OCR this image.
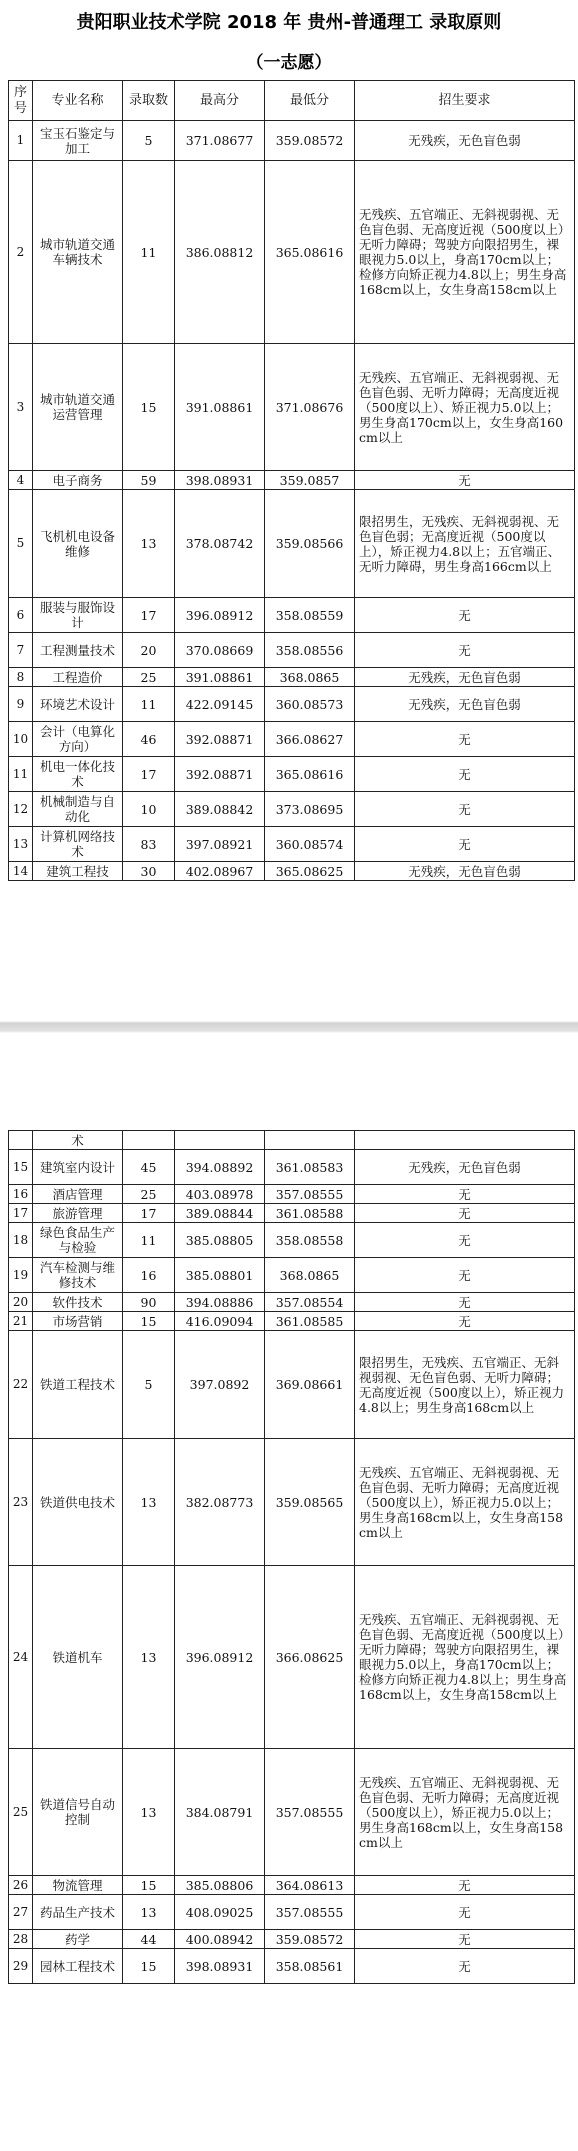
贵阳职业技术学院 2018 年 贵州-普通理工 录取原则
（一志愿）
序号	专业名称	录取数	最高分	最低分	招生要求
1	宝玉石鉴定与加工	5	371.08677	359.08572	无残疾，无色盲色弱
2	城市轨道交通车辆技术	11	386.08812	365.08616	无残疾、五官端正、无斜视弱视、无色盲色弱、无高度近视（500度以上）无听力障碍；驾驶方向限招男生，裸眼视力5.0以上，身高170cm以上；检修方向矫正视力4.8以上；男生身高168cm以上，女生身高158cm以上
3	城市轨道交通运营管理	15	391.08861	371.08676	无残疾、五官端正、无斜视弱视、无色盲色弱、无听力障碍；无高度近视（500度以上）、矫正视力5.0以上；男生身高170cm以上，女生身高160cm以上
4	电子商务	59	398.08931	359.0857	无
5	飞机机电设备维修	13	378.08742	359.08566	限招男生，无残疾、无斜视弱视、无色盲色弱；无高度近视（500度以上），矫正视力4.8以上；五官端正、无听力障碍，男生身高166cm以上
6	服装与服饰设计	17	396.08912	358.08559	无
7	工程测量技术	20	370.08669	358.08556	无
8	工程造价	25	391.08861	368.0865	无残疾，无色盲色弱
9	环境艺术设计	11	422.09145	360.08573	无残疾，无色盲色弱
10	会计（电算化方向）	46	392.08871	366.08627	无
11	机电一体化技术	17	392.08871	365.08616	无
12	机械制造与自动化	10	389.08842	373.08695	无
13	计算机网络技术	83	397.08921	360.08574	无
14	建筑工程技	30	402.08967	365.08625	无残疾，无色盲色弱
	术				
15	建筑室内设计	45	394.08892	361.08583	无残疾，无色盲色弱
16	酒店管理	25	403.08978	357.08555	无
17	旅游管理	17	389.08844	361.08588	无
18	绿色食品生产与检验	11	385.08805	358.08558	无
19	汽车检测与维修技术	16	385.08801	368.0865	无
20	软件技术	90	394.08886	357.08554	无
21	市场营销	15	416.09094	361.08585	无
22	铁道工程技术	5	397.0892	369.08661	限招男生，无残疾、五官端正、无斜视弱视、无色盲色弱、无听力障碍；无高度近视（500度以上），矫正视力4.8以上；男生身高168cm以上
23	铁道供电技术	13	382.08773	359.08565	无残疾、五官端正、无斜视弱视、无色盲色弱、无听力障碍；无高度近视（500度以上），矫正视力5.0以上；男生身高168cm以上，女生身高158cm以上
24	铁道机车	13	396.08912	366.08625	无残疾、五官端正、无斜视弱视、无色盲色弱、无高度近视（500度以上）无听力障碍；驾驶方向限招男生，裸眼视力5.0以上，身高170cm以上；检修方向矫正视力4.8以上；男生身高168cm以上，女生身高158cm以上
25	铁道信号自动控制	13	384.08791	357.08555	无残疾、五官端正、无斜视弱视、无色盲色弱、无听力障碍；无高度近视（500度以上），矫正视力5.0以上；男生身高168cm以上，女生身高158cm以上
26	物流管理	15	385.08806	364.08613	无
27	药品生产技术	13	408.09025	357.08555	无
28	药学	44	400.08942	359.08572	无
29	园林工程技术	15	398.08931	358.08561	无
